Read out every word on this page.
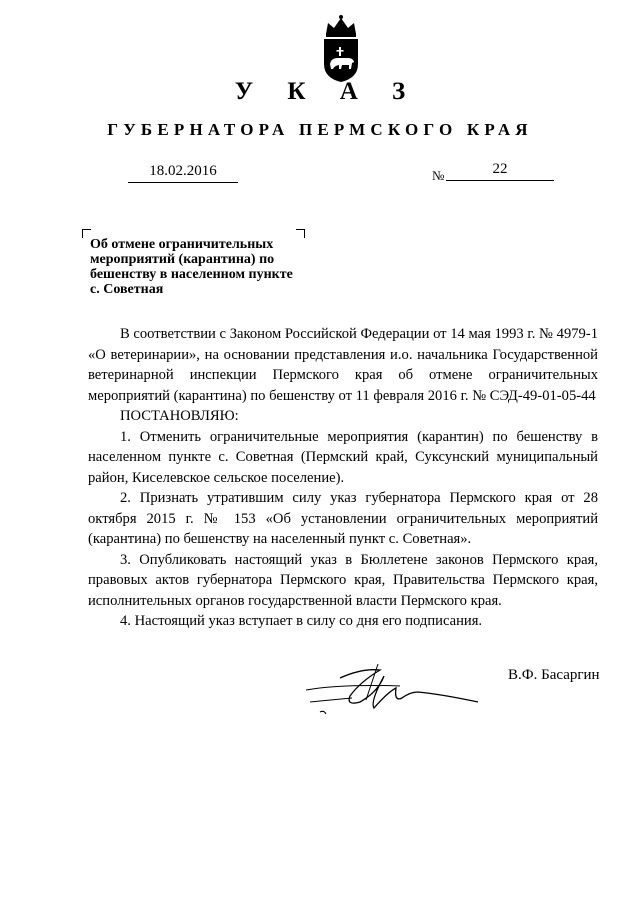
У К А З
ГУБЕРНАТОРА ПЕРМСКОГО КРАЯ
18.02.2016	№	22
Об отмене ограничительных мероприятий (карантина) по бешенству в населенном пункте с. Советная

В соответствии с Законом Российской Федерации от 14 мая 1993 г. № 4979-1 «О ветеринарии», на основании представления и.о. начальника Государственной ветеринарной инспекции Пермского края об отмене ограничительных мероприятий (карантина) по бешенству от 11 февраля 2016 г. № СЭД-49-01-05-44

ПОСТАНОВЛЯЮ:

1. Отменить ограничительные мероприятия (карантин) по бешенству в населенном пункте с. Советная (Пермский край, Суксунский муниципальный район, Киселевское сельское поселение).

2. Признать утратившим силу указ губернатора Пермского края от 28 октября 2015 г. № 153 «Об установлении ограничительных мероприятий (карантина) по бешенству на населенный пункт с. Советная».

3. Опубликовать настоящий указ в Бюллетене законов Пермского края, правовых актов губернатора Пермского края, Правительства Пермского края, исполнительных органов государственной власти Пермского края.

4. Настоящий указ вступает в силу со дня его подписания.

В.Ф. Басаргин
